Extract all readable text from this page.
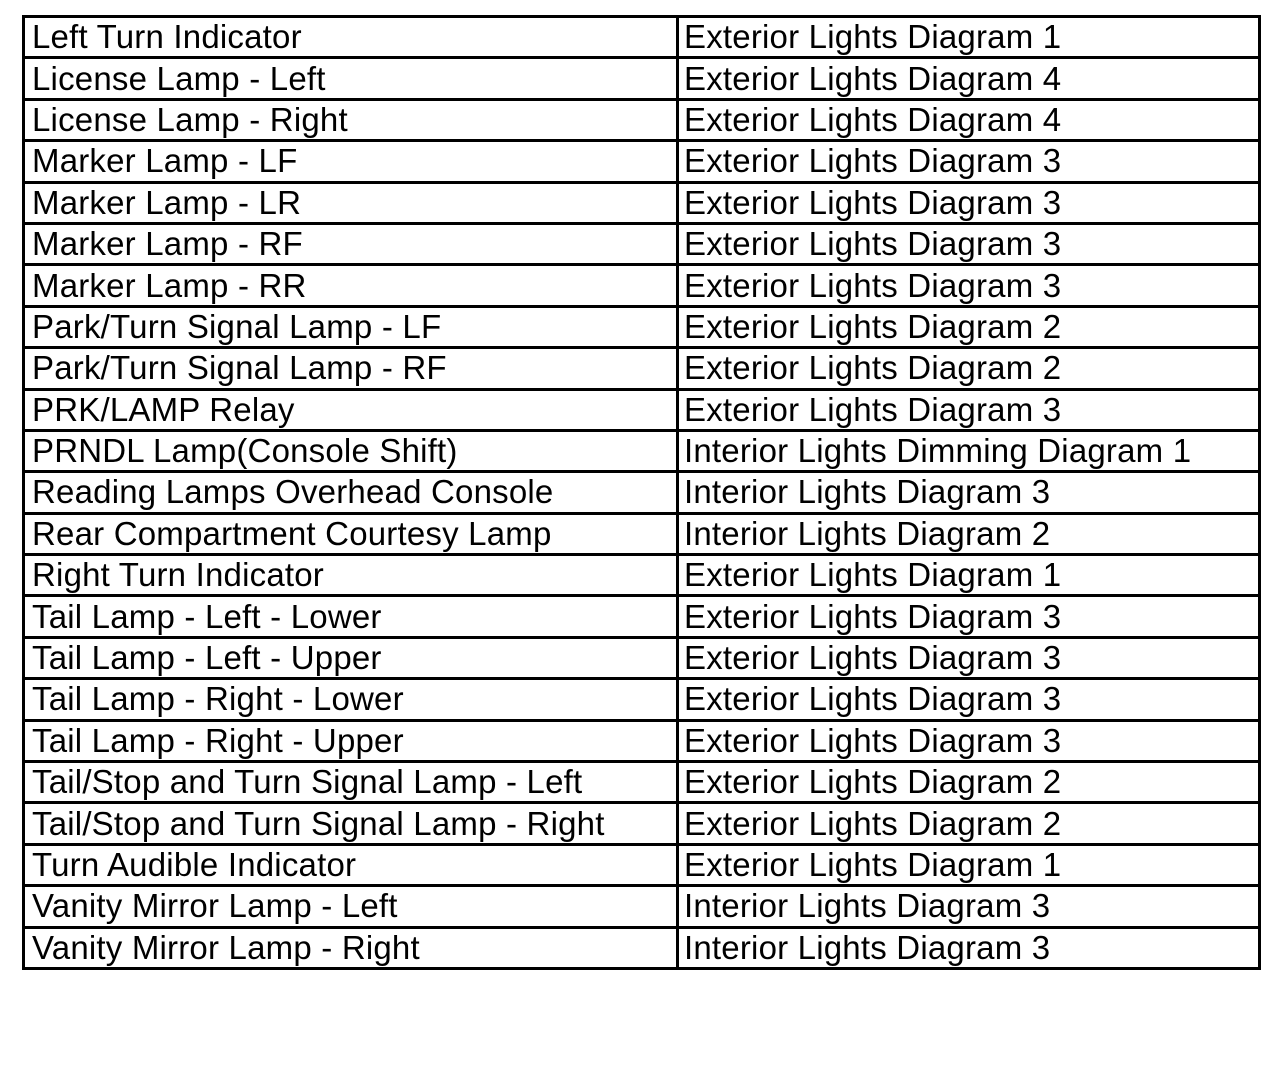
Left Turn Indicator	Exterior Lights Diagram 1
License Lamp - Left	Exterior Lights Diagram 4
License Lamp - Right	Exterior Lights Diagram 4
Marker Lamp - LF	Exterior Lights Diagram 3
Marker Lamp - LR	Exterior Lights Diagram 3
Marker Lamp - RF	Exterior Lights Diagram 3
Marker Lamp - RR	Exterior Lights Diagram 3
Park/Turn Signal Lamp - LF	Exterior Lights Diagram 2
Park/Turn Signal Lamp - RF	Exterior Lights Diagram 2
PRK/LAMP Relay	Exterior Lights Diagram 3
PRNDL Lamp(Console Shift)	Interior Lights Dimming Diagram 1
Reading Lamps Overhead Console	Interior Lights Diagram 3
Rear Compartment Courtesy Lamp	Interior Lights Diagram 2
Right Turn Indicator	Exterior Lights Diagram 1
Tail Lamp - Left - Lower	Exterior Lights Diagram 3
Tail Lamp - Left - Upper	Exterior Lights Diagram 3
Tail Lamp - Right - Lower	Exterior Lights Diagram 3
Tail Lamp - Right - Upper	Exterior Lights Diagram 3
Tail/Stop and Turn Signal Lamp - Left	Exterior Lights Diagram 2
Tail/Stop and Turn Signal Lamp - Right	Exterior Lights Diagram 2
Turn Audible Indicator	Exterior Lights Diagram 1
Vanity Mirror Lamp - Left	Interior Lights Diagram 3
Vanity Mirror Lamp - Right	Interior Lights Diagram 3
